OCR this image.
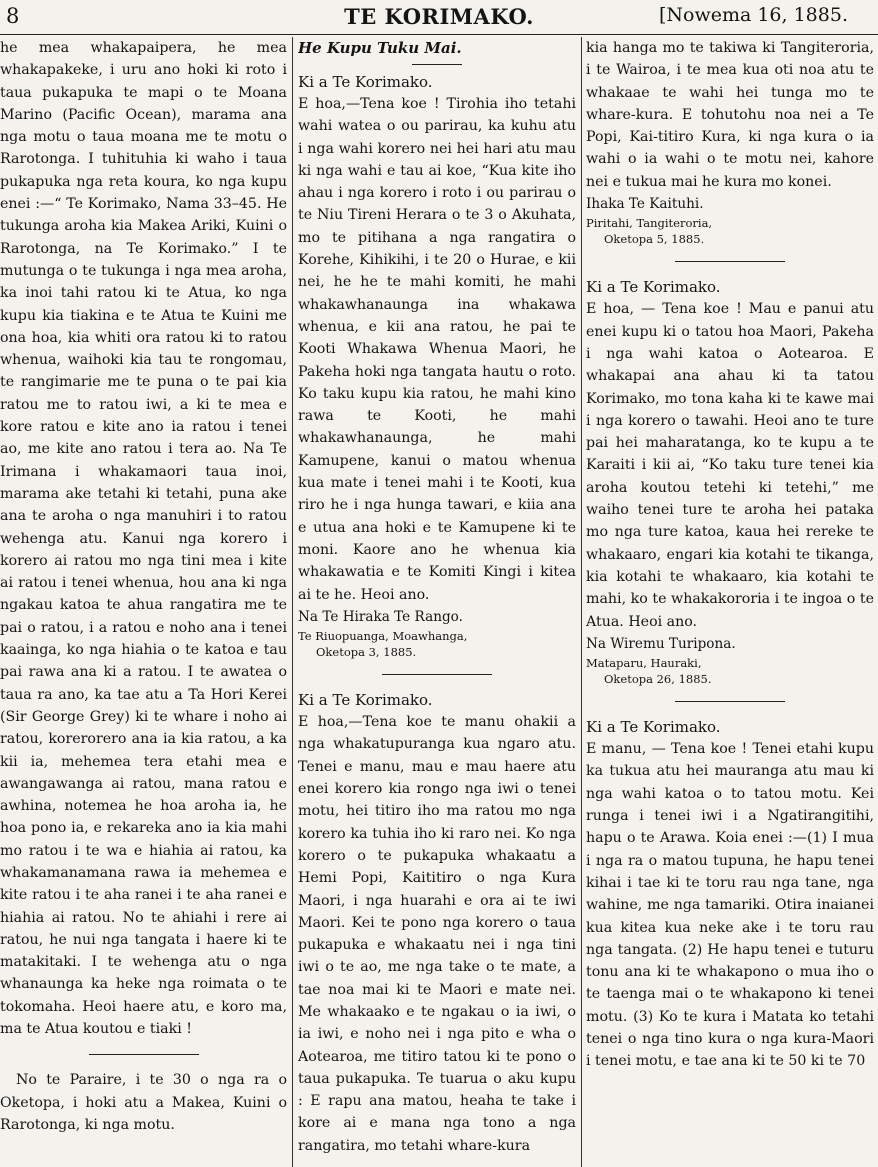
8	TE KORIMAKO.	[Nowema 16, 1885.

he mea whakapaipera, he mea whakapakeke, i uru ano hoki ki roto i taua pukapuka te mapi o te Moana Marino (Pacific Ocean), marama ana nga motu o taua moana me te motu o Rarotonga. I tuhituhia ki waho i taua pukapuka nga reta koura, ko nga kupu enei :—“ Te Korimako, Nama 33–45. He tukunga aroha kia Makea Ariki, Kuini o Rarotonga, na Te Korimako.” I te mutunga o te tukunga i nga mea aroha, ka inoi tahi ratou ki te Atua, ko nga kupu kia tiakina e te Atua te Kuini me ona hoa, kia whiti ora ratou ki to ratou whenua, waihoki kia tau te rongomau, te rangimarie me te puna o te pai kia ratou me to ratou iwi, a ki te mea e kore ratou e kite ano ia ratou i tenei ao, me kite ano ratou i tera ao. Na Te Irimana i whakamaori taua inoi, marama ake tetahi ki tetahi, puna ake ana te aroha o nga manuhiri i to ratou wehenga atu. Kanui nga korero i korero ai ratou mo nga tini mea i kite ai ratou i tenei whenua, hou ana ki nga ngakau katoa te ahua rangatira me te pai o ratou, i a ratou e noho ana i tenei kaainga, ko nga hiahia o te katoa e tau pai rawa ana ki a ratou. I te awatea o taua ra ano, ka tae atu a Ta Hori Kerei (Sir George Grey) ki te whare i noho ai ratou, korerorero ana ia kia ratou, a ka kii ia, mehemea tera etahi mea e awangawanga ai ratou, mana ratou e awhina, notemea he hoa aroha ia, he hoa pono ia, e rekareka ano ia kia mahi mo ratou i te wa e hiahia ai ratou, ka whakamanamana rawa ia mehemea e kite ratou i te aha ranei i te aha ranei e hiahia ai ratou. No te ahiahi i rere ai ratou, he nui nga tangata i haere ki te matakitaki. I te wehenga atu o nga whanaunga ka heke nga roimata o te tokomaha. Heoi haere atu, e koro ma, ma te Atua koutou e tiaki !

No te Paraire, i te 30 o nga ra o Oketopa, i hoki atu a Makea, Kuini o Rarotonga, ki nga motu.

He Kupu Tuku Mai.

Ki a Te Korimako.

E hoa,—Tena koe ! Tirohia iho tetahi wahi watea o ou parirau, ka kuhu atu i nga wahi korero nei hei hari atu mau ki nga wahi e tau ai koe, “Kua kite iho ahau i nga korero i roto i ou parirau o te Niu Tireni Herara o te 3 o Akuhata, mo te pitihana a nga rangatira o Korehe, Kihikihi, i te 20 o Hurae, e kii nei, he he te mahi komiti, he mahi whakawhanaunga ina whakawa whenua, e kii ana ratou, he pai te Kooti Whakawa Whenua Maori, he Pakeha hoki nga tangata hautu o roto. Ko taku kupu kia ratou, he mahi kino rawa te Kooti, he mahi whakawhanaunga, he mahi Kamupene, kanui o matou whenua kua mate i tenei mahi i te Kooti, kua riro he i nga hunga tawari, e kiia ana e utua ana hoki e te Kamupene ki te moni. Kaore ano he whenua kia whakawatia e te Komiti Kingi i kitea ai te he. Heoi ano.

Na Te Hiraka Te Rango.

Te Riuopuanga, Moawhanga,

Oketopa 3, 1885.

Ki a Te Korimako.

E hoa,—Tena koe te manu ohakii a nga whakatupuranga kua ngaro atu. Tenei e manu, mau e mau haere atu enei korero kia rongo nga iwi o tenei motu, hei titiro iho ma ratou mo nga korero ka tuhia iho ki raro nei. Ko nga korero o te pukapuka whakaatu a Hemi Popi, Kaititiro o nga Kura Maori, i nga huarahi e ora ai te iwi Maori. Kei te pono nga korero o taua pukapuka e whakaatu nei i nga tini iwi o te ao, me nga take o te mate, a tae noa mai ki te Maori e mate nei. Me whakaako e te ngakau o ia iwi, o ia iwi, e noho nei i nga pito e wha o Aotearoa, me titiro tatou ki te pono o taua pukapuka. Te tuarua o aku kupu : E rapu ana matou, heaha te take i kore ai e mana nga tono a nga rangatira, mo tetahi whare-kura

kia hanga mo te takiwa ki Tangiteroria, i te Wairoa, i te mea kua oti noa atu te whakaae te wahi hei tunga mo te whare-kura. E tohutohu noa nei a Te Popi, Kai-titiro Kura, ki nga kura o ia wahi o ia wahi o te motu nei, kahore nei e tukua mai he kura mo konei.

Ihaka Te Kaituhi.

Piritahi, Tangiteroria,

Oketopa 5, 1885.

Ki a Te Korimako.

E hoa, — Tena koe ! Mau e panui atu enei kupu ki o tatou hoa Maori, Pakeha i nga wahi katoa o Aotearoa. E whakapai ana ahau ki ta tatou Korimako, mo tona kaha ki te kawe mai i nga korero o tawahi. Heoi ano te ture pai hei maharatanga, ko te kupu a te Karaiti i kii ai, “Ko taku ture tenei kia aroha koutou tetehi ki tetehi,” me waiho tenei ture te aroha hei pataka mo nga ture katoa, kaua hei rereke te whakaaro, engari kia kotahi te tikanga, kia kotahi te whakaaro, kia kotahi te mahi, ko te whakakororia i te ingoa o te Atua. Heoi ano.

Na Wiremu Turipona.

Mataparu, Hauraki,

Oketopa 26, 1885.

Ki a Te Korimako.

E manu, — Tena koe ! Tenei etahi kupu ka tukua atu hei mauranga atu mau ki nga wahi katoa o to tatou motu. Kei runga i tenei iwi i a Ngatirangitihi, hapu o te Arawa. Koia enei :—(1) I mua i nga ra o matou tupuna, he hapu tenei kihai i tae ki te toru rau nga tane, nga wahine, me nga tamariki. Otira inaianei kua kitea kua neke ake i te toru rau nga tangata. (2) He hapu tenei e tuturu tonu ana ki te whakapono o mua iho o te taenga mai o te whakapono ki tenei motu. (3) Ko te kura i Matata ko tetahi tenei o nga tino kura o nga kura-Maori i tenei motu, e tae ana ki te 50 ki te 70
